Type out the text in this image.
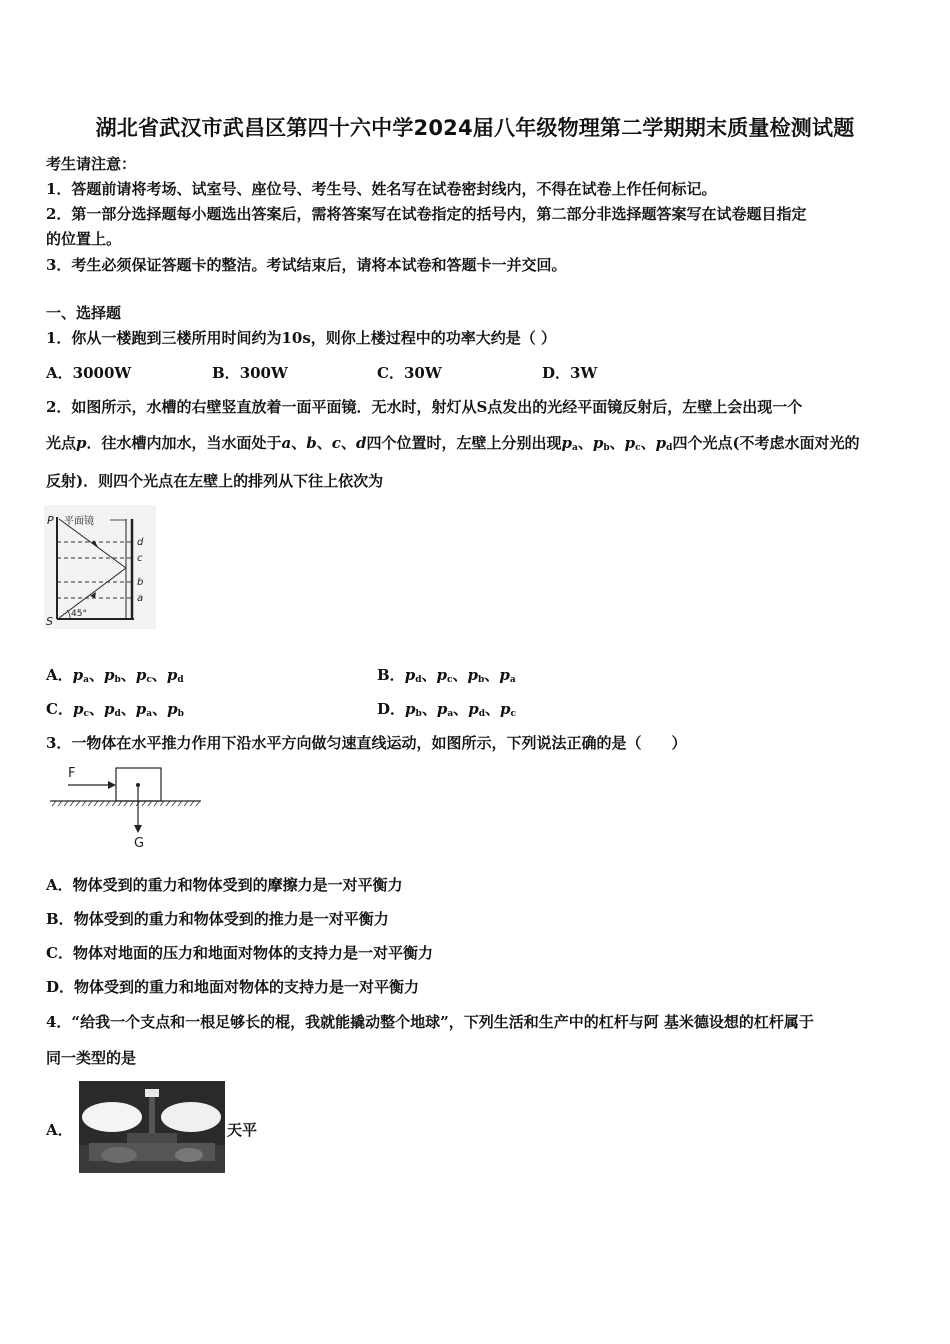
湖北省武汉市武昌区第四十六中学2024届八年级物理第二学期期末质量检测试题
考生请注意：
1．答题前请将考场、试室号、座位号、考生号、姓名写在试卷密封线内，不得在试卷上作任何标记。
2．第一部分选择题每小题选出答案后，需将答案写在试卷指定的括号内，第二部分非选择题答案写在试卷题目指定
的位置上。
3．考生必须保证答题卡的整洁。考试结束后，请将本试卷和答题卡一并交回。
一、选择题
1．你从一楼跑到三楼所用时间约为10s，则你上楼过程中的功率大约是（ ）
A．3000W	B．300W	C．30W	D．3W
2．如图所示，水槽的右壁竖直放着一面平面镜．无水时，射灯从S点发出的光经平面镜反射后，左壁上会出现一个
光点p．往水槽内加水，当水面处于a、b、c、d四个位置时，左壁上分别出现$p_a$、$p_b$、$p_c$、$p_d$四个光点(不考虑水面对光的
反射)．则四个光点在左壁上的排列从下往上依次为
P
S
平面镜
45°
d
c
b
a
A．$p_a$、$p_b$、$p_c$、$p_d$	B．$p_d$、$p_c$、$p_b$、$p_a$
C．$p_c$、$p_d$、$p_a$、$p_b$	D．$p_b$、$p_a$、$p_d$、$p_c$
3．一物体在水平推力作用下沿水平方向做匀速直线运动，如图所示，下列说法正确的是（　　）
F
G
A．物体受到的重力和物体受到的摩擦力是一对平衡力
B．物体受到的重力和物体受到的推力是一对平衡力
C．物体对地面的压力和地面对物体的支持力是一对平衡力
D．物体受到的重力和地面对物体的支持力是一对平衡力
4．“给我一个支点和一根足够长的棍，我就能撬动整个地球”，下列生活和生产中的杠杆与阿 基米德设想的杠杆属于
同一类型的是
A．	天平
